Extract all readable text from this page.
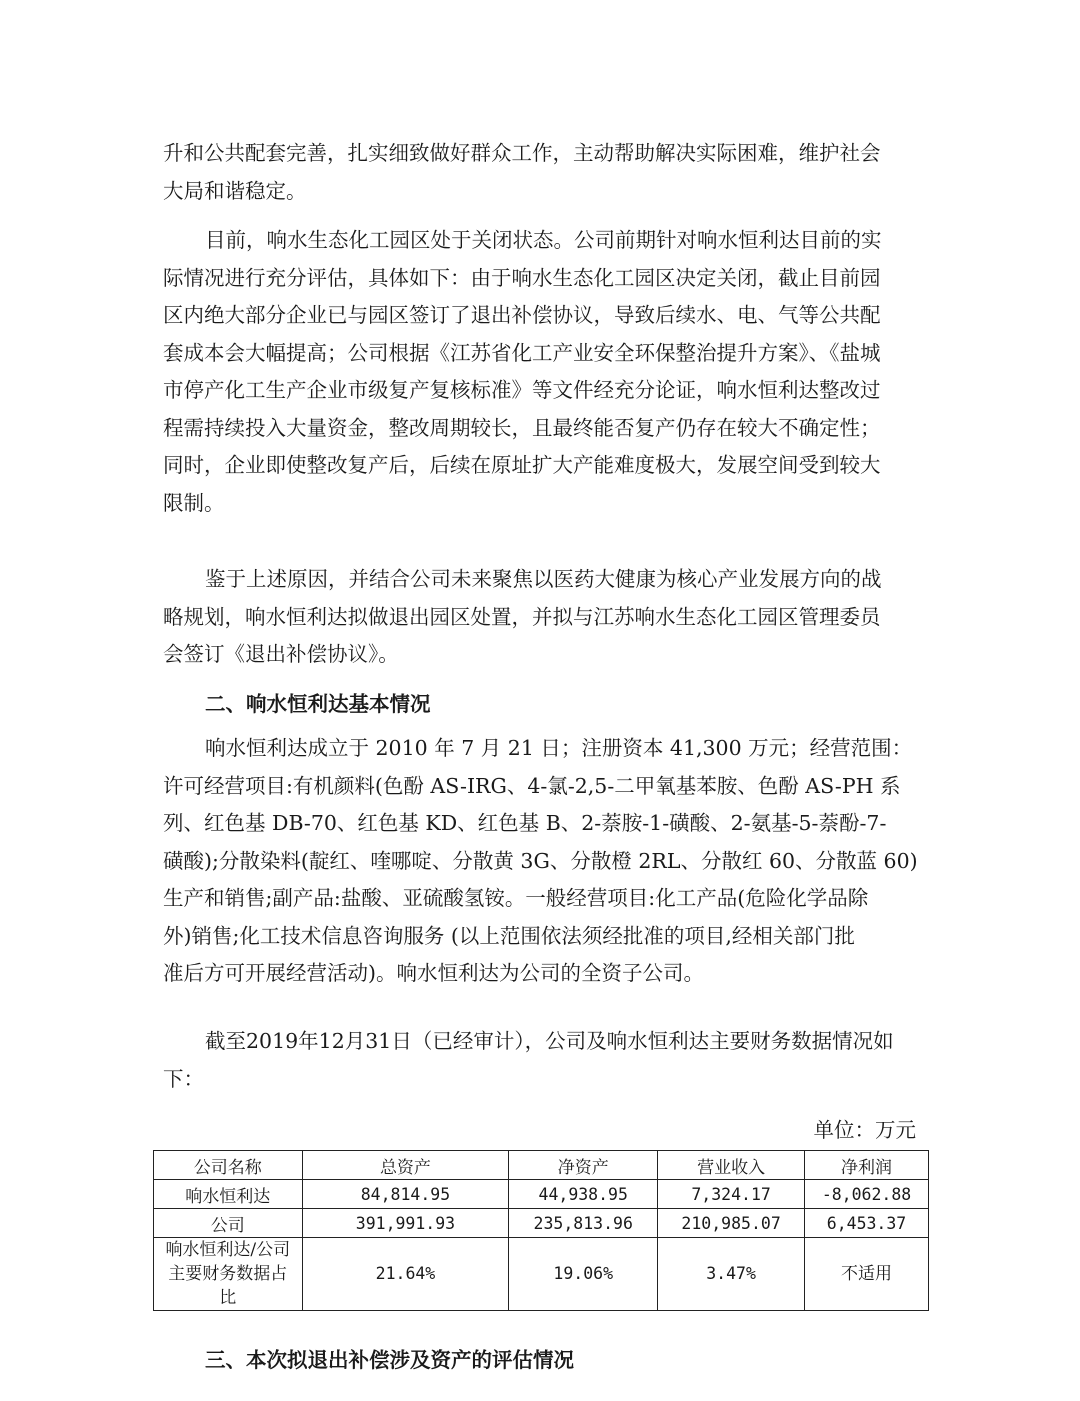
升和公共配套完善，扎实细致做好群众工作，主动帮助解决实际困难，维护社会
大局和谐稳定。
目前，响水生态化工园区处于关闭状态。公司前期针对响水恒利达目前的实
际情况进行充分评估，具体如下：由于响水生态化工园区决定关闭，截止目前园
区内绝大部分企业已与园区签订了退出补偿协议，导致后续水、电、气等公共配
套成本会大幅提高；公司根据《江苏省化工产业安全环保整治提升方案》、《盐城
市停产化工生产企业市级复产复核标准》等文件经充分论证，响水恒利达整改过
程需持续投入大量资金，整改周期较长，且最终能否复产仍存在较大不确定性；
同时，企业即使整改复产后，后续在原址扩大产能难度极大，发展空间受到较大
限制。
鉴于上述原因，并结合公司未来聚焦以医药大健康为核心产业发展方向的战
略规划，响水恒利达拟做退出园区处置，并拟与江苏响水生态化工园区管理委员
会签订《退出补偿协议》。
二、响水恒利达基本情况
响水恒利达成立于 2010 年 7 月 21 日；注册资本 41,300 万元；经营范围：
许可经营项目:有机颜料(色酚 AS-IRG、4-氯-2,5-二甲氧基苯胺、色酚 AS-PH 系
列、红色基 DB-70、红色基 KD、红色基 B、2-萘胺-1-磺酸、2-氨基-5-萘酚-7-
磺酸);分散染料(靛红、喹哪啶、分散黄 3G、分散橙 2RL、分散红 60、分散蓝 60)
生产和销售;副产品:盐酸、亚硫酸氢铵。一般经营项目:化工产品(危险化学品除
外)销售;化工技术信息咨询服务 (以上范围依法须经批准的项目,经相关部门批
准后方可开展经营活动)。响水恒利达为公司的全资子公司。
截至2019年12月31日（已经审计），公司及响水恒利达主要财务数据情况如
下：
单位：万元
公司名称	总资产	净资产	营业收入	净利润
响水恒利达	84,814.95	44,938.95	7,324.17	-8,062.88
公司	391,991.93	235,813.96	210,985.07	6,453.37
响水恒利达/公司
主要财务数据占比	21.64%	19.06%	3.47%	不适用
三、本次拟退出补偿涉及资产的评估情况
